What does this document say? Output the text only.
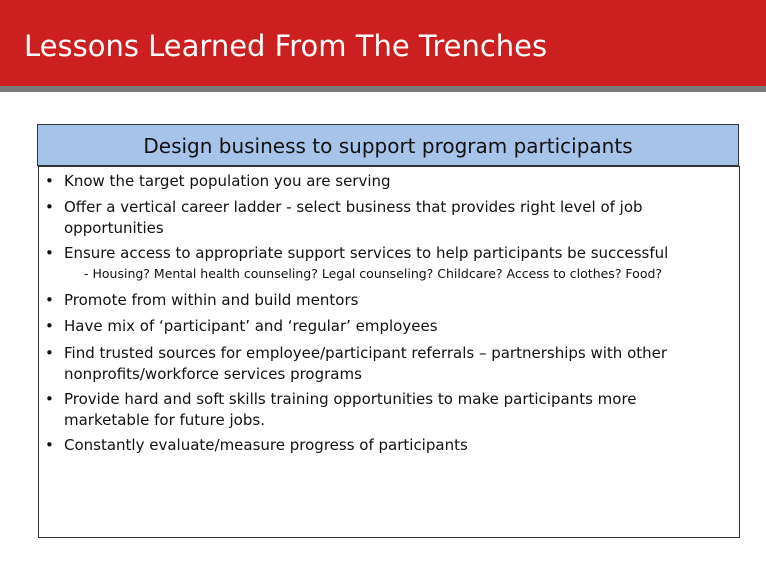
Lessons Learned From The Trenches
Design business to support program participants
• Know the target population you are serving
• Offer a vertical career ladder - select business that provides right level of job opportunities
• Ensure access to appropriate support services to help participants be successful
- Housing? Mental health counseling? Legal counseling? Childcare? Access to clothes? Food?
• Promote from within and build mentors
• Have mix of ‘participant’ and ‘regular’ employees
• Find trusted sources for employee/participant referrals – partnerships with other nonprofits/workforce services programs
• Provide hard and soft skills training opportunities to make participants more marketable for future jobs.
• Constantly evaluate/measure progress of participants
